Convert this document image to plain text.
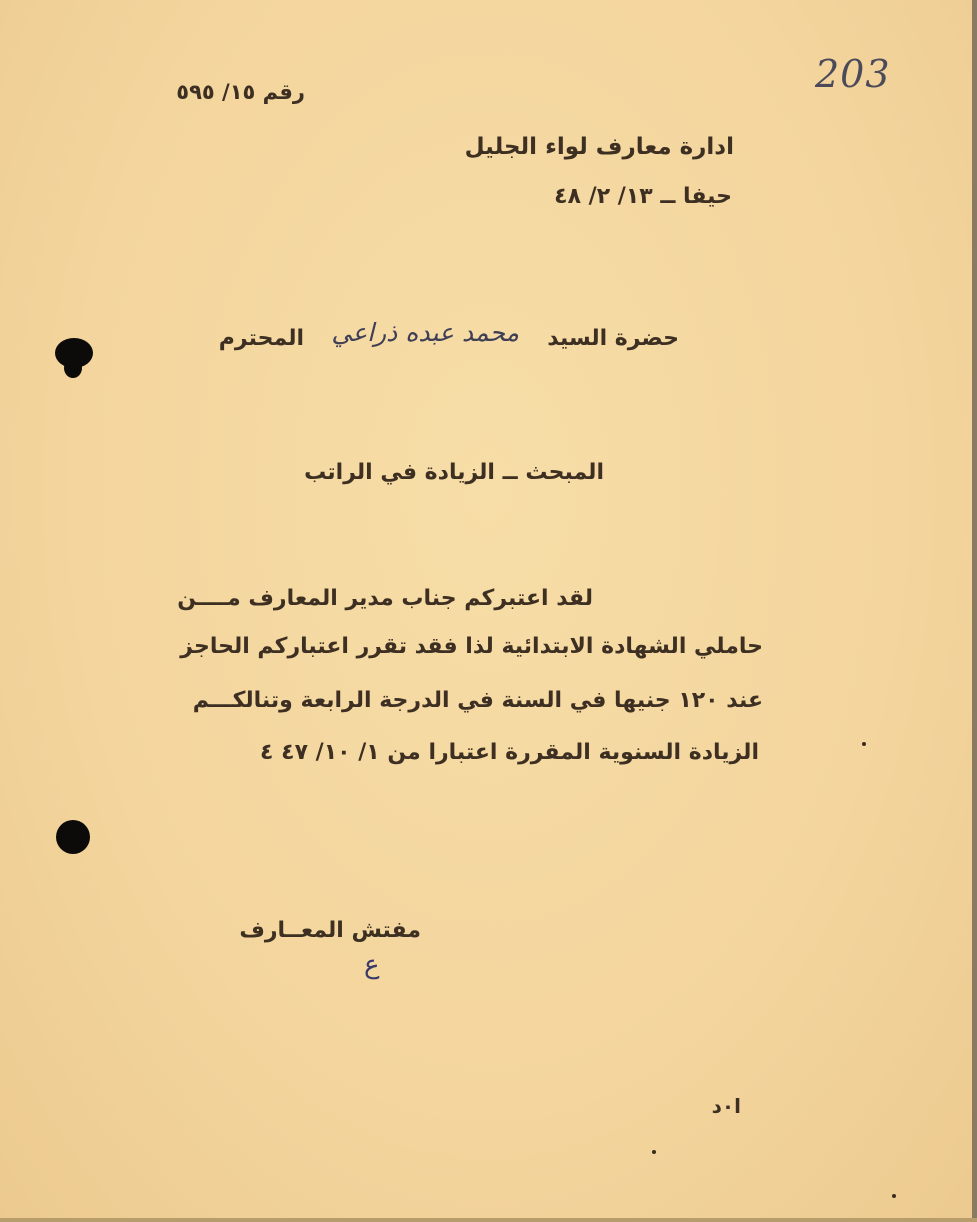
203
رقم ١٥/ ٥٩٥
ادارة معارف لواء الجليل
حيفا ــ ١٣/ ٢/ ٤٨
حضرة السيد
محمد عبده ذراعي
المحترم
المبحث ــ الزيادة في الراتب
لقد اعتبركم جناب مدير المعارف مــــن
حاملي الشهادة الابتدائية لذا فقد تقرر اعتباركم الحاجز
عند ١٢٠ جنيها في السنة في الدرجة الرابعة وتنالكـــم
الزيادة السنوية المقررة اعتبارا من ١/ ١٠/ ٤٧ ٤
مفتش المعــارف
ع
ا٠د
